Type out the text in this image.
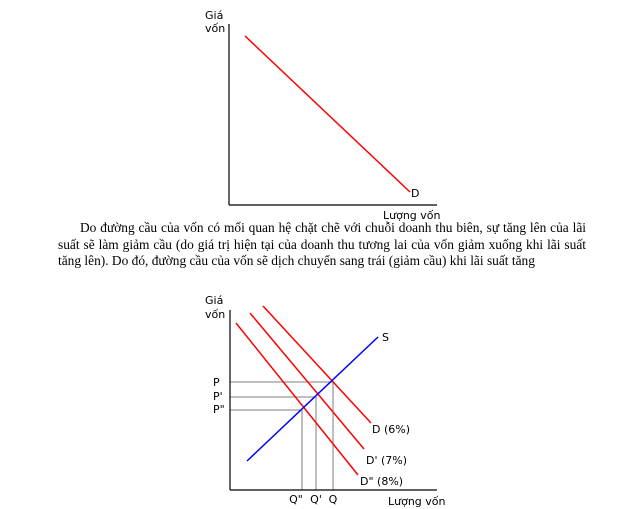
Giá
vốn
D
Lượng vốn
Giá
vốn
S
D (6%)
D' (7%)
D" (8%)
P
P'
P"
Q" Q' Q	Lượng vốn

Do đường cầu của vốn có mối quan hệ chặt chẽ với chuỗi doanh thu biên, sự tăng lên của lãi suất sẽ làm giảm cầu (do giá trị hiện tại của doanh thu tương lai của vốn giảm xuống khi lãi suất tăng lên). Do đó, đường cầu của vốn sẽ dịch chuyển sang trái (giảm cầu) khi lãi suất tăng
